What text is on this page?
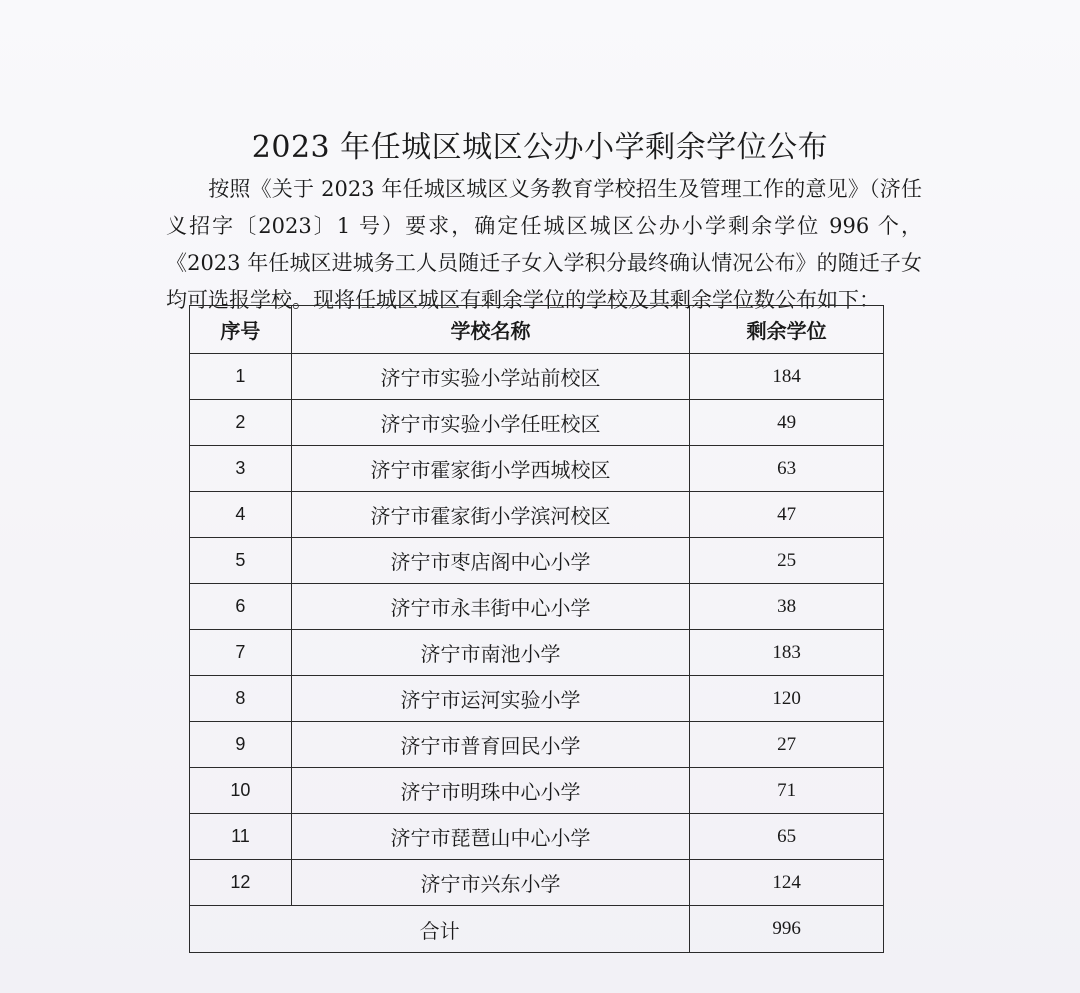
2023 年任城区城区公办小学剩余学位公布
按照《关于 2023 年任城区城区义务教育学校招生及管理工作的意见》（济任义招字〔2023〕1 号）要求，确定任城区城区公办小学剩余学位 996 个，《2023 年任城区进城务工人员随迁子女入学积分最终确认情况公布》的随迁子女均可选报学校。现将任城区城区有剩余学位的学校及其剩余学位数公布如下：
序号	学校名称	剩余学位
1	济宁市实验小学站前校区	184
2	济宁市实验小学任旺校区	49
3	济宁市霍家街小学西城校区	63
4	济宁市霍家街小学滨河校区	47
5	济宁市枣店阁中心小学	25
6	济宁市永丰街中心小学	38
7	济宁市南池小学	183
8	济宁市运河实验小学	120
9	济宁市普育回民小学	27
10	济宁市明珠中心小学	71
11	济宁市琵琶山中心小学	65
12	济宁市兴东小学	124
合计		996
